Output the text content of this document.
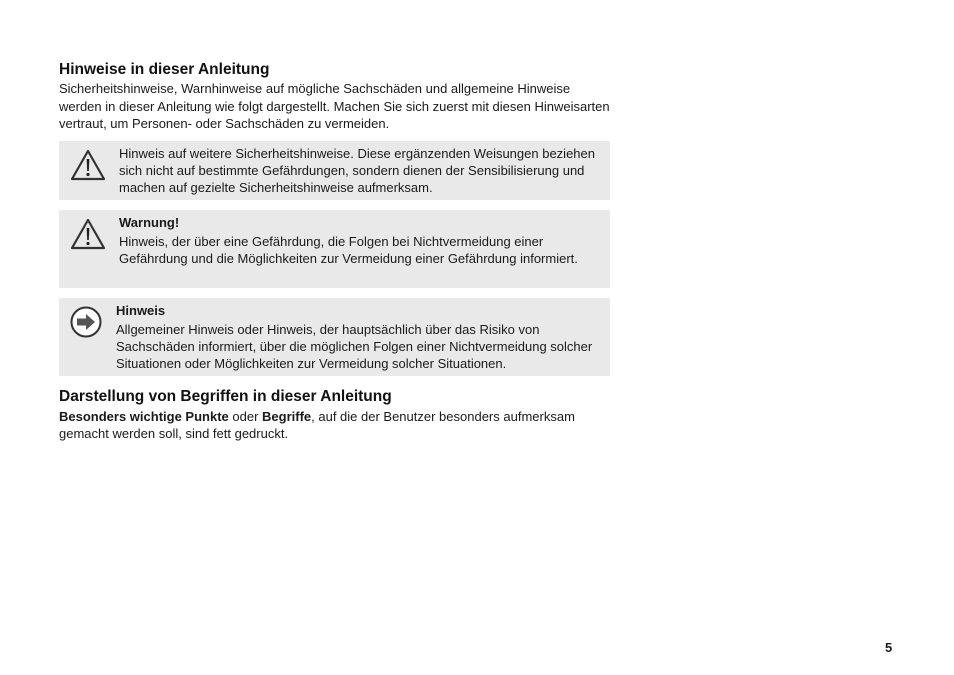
Hinweise in dieser Anleitung

Sicherheitshinweise, Warnhinweise auf mögliche Sachschäden und allgemeine Hinweise werden in dieser Anleitung wie folgt dargestellt. Machen Sie sich zuerst mit diesen Hinweisarten vertraut, um Personen- oder Sachschäden zu vermeiden.

Hinweis auf weitere Sicherheitshinweise. Diese ergänzenden Weisungen beziehen sich nicht auf bestimmte Gefährdungen, sondern dienen der Sensibilisierung und machen auf gezielte Sicherheitshinweise aufmerksam.

Warnung!

Hinweis, der über eine Gefährdung, die Folgen bei Nichtvermeidung einer Gefährdung und die Möglichkeiten zur Vermeidung einer Gefährdung informiert.

Hinweis

Allgemeiner Hinweis oder Hinweis, der hauptsächlich über das Risiko von Sachschäden informiert, über die möglichen Folgen einer Nichtvermeidung solcher Situationen oder Möglichkeiten zur Vermeidung solcher Situationen.

Darstellung von Begriffen in dieser Anleitung

Besonders wichtige Punkte oder Begriffe, auf die der Benutzer besonders aufmerksam gemacht werden soll, sind fett gedruckt.

5
